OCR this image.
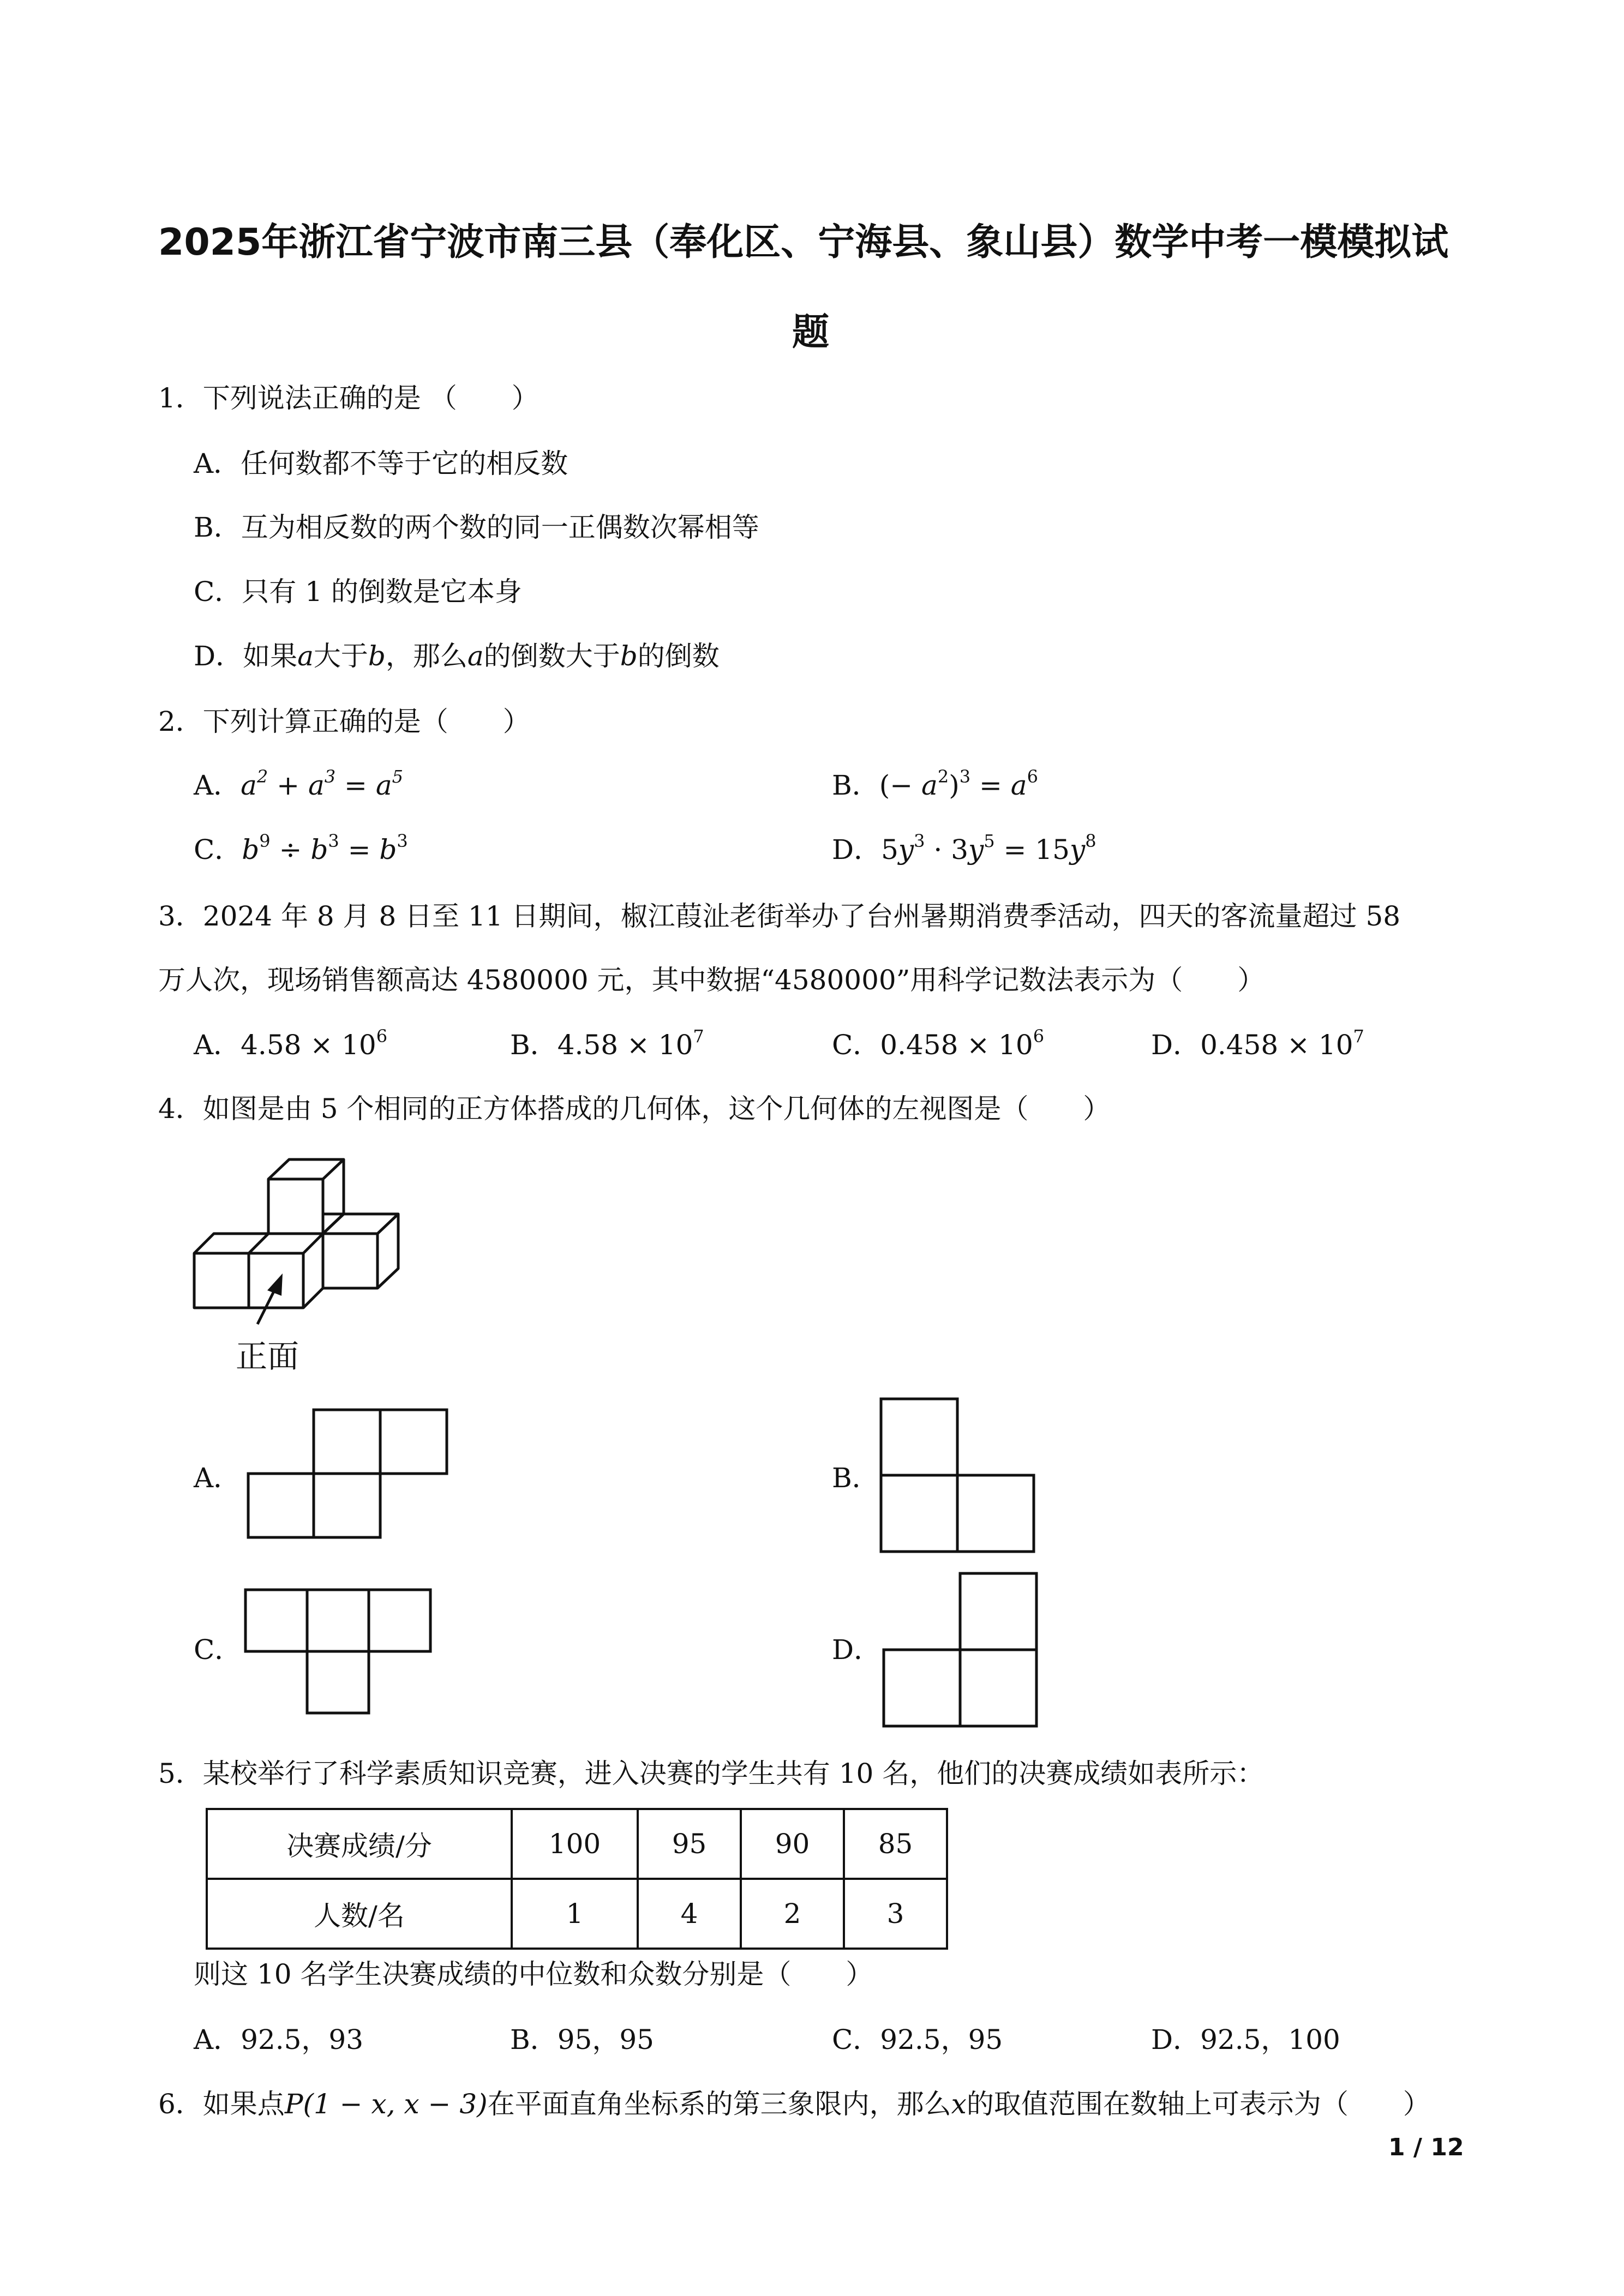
2025年浙江省宁波市南三县（奉化区、宁海县、象山县）数学中考一模模拟试
题
1．下列说法正确的是 （　　）
A．任何数都不等于它的相反数
B．互为相反数的两个数的同一正偶数次幂相等
C．只有 1 的倒数是它本身
D．如果a大于b，那么a的倒数大于b的倒数
2．下列计算正确的是（　　）
A．$a^2 + a^3 = a^5$	B．(− $a^2)^3 = a^6$
C．$b^9 \div b^3 = b^3$	D．$5y^3 \cdot 3y^5 = 15y^8$
3．2024 年 8 月 8 日至 11 日期间，椒江葭沚老街举办了台州暑期消费季活动，四天的客流量超过 58
万人次，现场销售额高达 4580000 元，其中数据“4580000”用科学记数法表示为（　　）
A．$4.58 \times 10^6$	B．$4.58 \times 10^7$	C．$0.458 \times 10^6$	D．$0.458 \times 10^7$
4．如图是由 5 个相同的正方体搭成的几何体，这个几何体的左视图是（　　）
正面
A．	B．
C．	D．
5．某校举行了科学素质知识竞赛，进入决赛的学生共有 10 名，他们的决赛成绩如表所示：
决赛成绩/分	100	95	90	85
人数/名	1	4	2	3
则这 10 名学生决赛成绩的中位数和众数分别是（　　）
A．92.5，93	B．95，95	C．92.5，95	D．92.5，100
6．如果点P(1 − x, x − 3)在平面直角坐标系的第三象限内，那么x的取值范围在数轴上可表示为（　　）
1 / 12
